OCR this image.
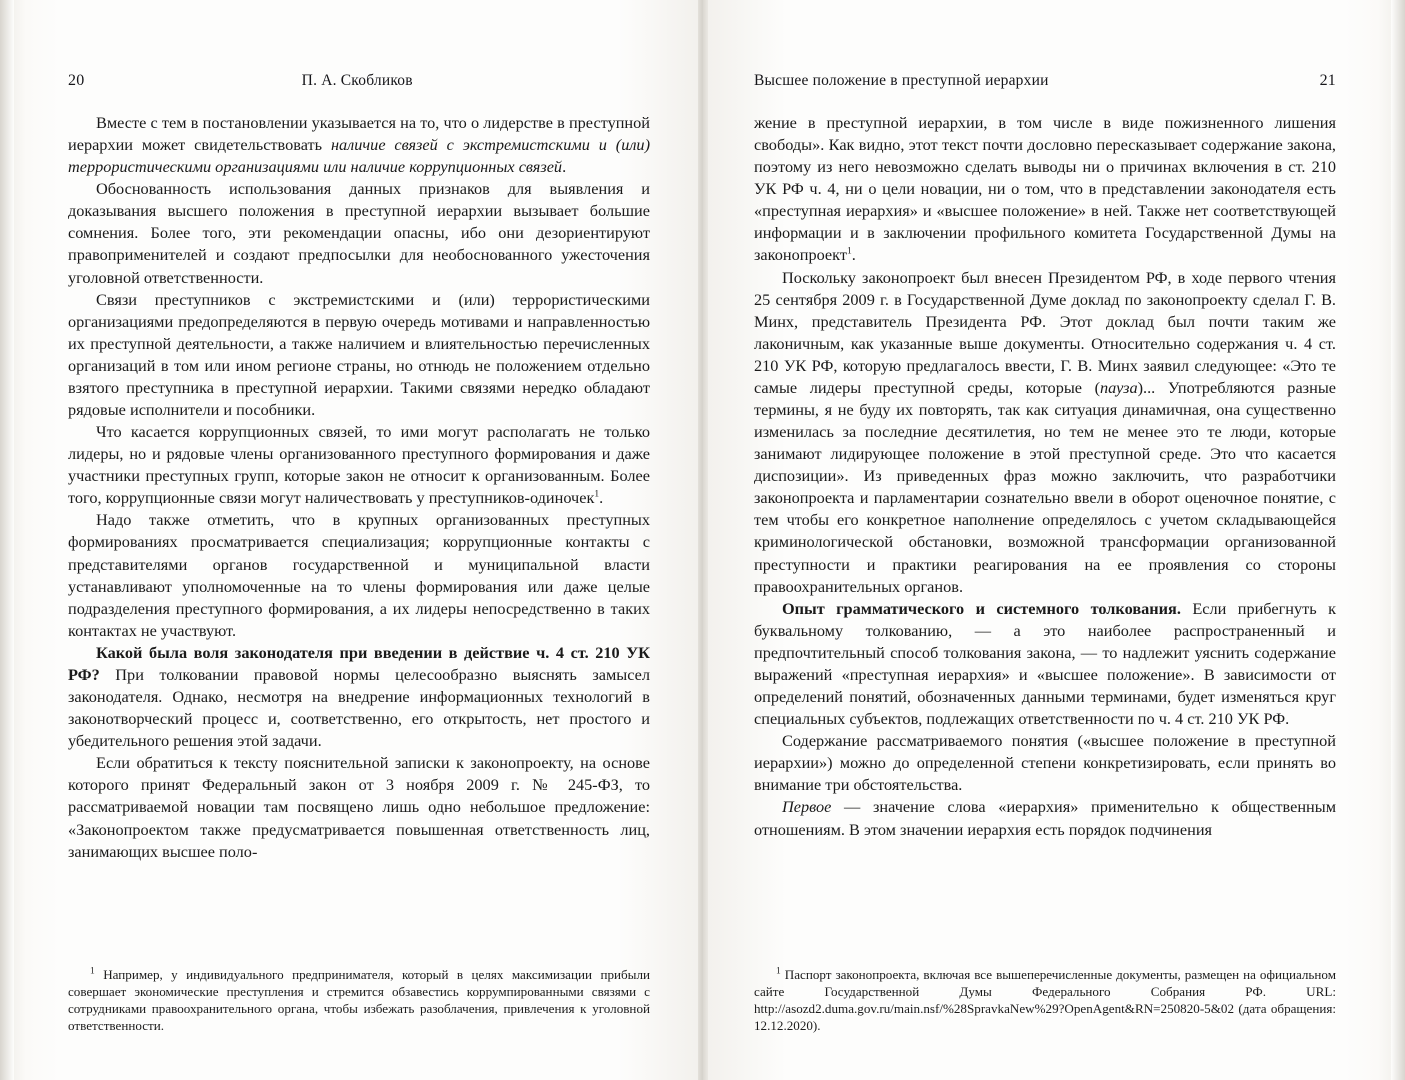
20	П. А. Скобликов

Вместе с тем в постановлении указывается на то, что о лидерстве в преступной иерархии может свидетельствовать наличие связей с экстремистскими и (или) террористическими организациями или наличие коррупционных связей.

Обоснованность использования данных признаков для выявления и доказывания высшего положения в преступной иерархии вызывает большие сомнения. Более того, эти рекомендации опасны, ибо они дезориентируют правоприменителей и создают предпосылки для необоснованного ужесточения уголовной ответственности.

Связи преступников с экстремистскими и (или) террористическими организациями предопределяются в первую очередь мотивами и направленностью их преступной деятельности, а также наличием и влиятельностью перечисленных организаций в том или ином регионе страны, но отнюдь не положением отдельно взятого преступника в преступной иерархии. Такими связями нередко обладают рядовые исполнители и пособники.

Что касается коррупционных связей, то ими могут располагать не только лидеры, но и рядовые члены организованного преступного формирования и даже участники преступных групп, которые закон не относит к организованным. Более того, коррупционные связи могут наличествовать у преступников-одиночек$^1$.

Надо также отметить, что в крупных организованных преступных формированиях просматривается специализация; коррупционные контакты с представителями органов государственной и муниципальной власти устанавливают уполномоченные на то члены формирования или даже целые подразделения преступного формирования, а их лидеры непосредственно в таких контактах не участвуют.

Какой была воля законодателя при введении в действие ч. 4 ст. 210 УК РФ? При толковании правовой нормы целесообразно выяснять замысел законодателя. Однако, несмотря на внедрение информационных технологий в законотворческий процесс и, соответственно, его открытость, нет простого и убедительного решения этой задачи.

Если обратиться к тексту пояснительной записки к законопроекту, на основе которого принят Федеральный закон от 3 ноября 2009 г. № 245-ФЗ, то рассматриваемой новации там посвящено лишь одно небольшое предложение: «Законопроектом также предусматривается повышенная ответственность лиц, занимающих высшее поло-

$^1$ Например, у индивидуального предпринимателя, который в целях максимизации прибыли совершает экономические преступления и стремится обзавестись коррумпированными связями с сотрудниками правоохранительного органа, чтобы избежать разоблачения, привлечения к уголовной ответственности.

Высшее положение в преступной иерархии	21

жение в преступной иерархии, в том числе в виде пожизненного лишения свободы». Как видно, этот текст почти дословно пересказывает содержание закона, поэтому из него невозможно сделать выводы ни о причинах включения в ст. 210 УК РФ ч. 4, ни о цели новации, ни о том, что в представлении законодателя есть «преступная иерархия» и «высшее положение» в ней. Также нет соответствующей информации и в заключении профильного комитета Государственной Думы на законопроект$^1$.

Поскольку законопроект был внесен Президентом РФ, в ходе первого чтения 25 сентября 2009 г. в Государственной Думе доклад по законопроекту сделал Г. В. Минх, представитель Президента РФ. Этот доклад был почти таким же лаконичным, как указанные выше документы. Относительно содержания ч. 4 ст. 210 УК РФ, которую предлагалось ввести, Г. В. Минх заявил следующее: «Это те самые лидеры преступной среды, которые (пауза)... Употребляются разные термины, я не буду их повторять, так как ситуация динамичная, она существенно изменилась за последние десятилетия, но тем не менее это те люди, которые занимают лидирующее положение в этой преступной среде. Это что касается диспозиции». Из приведенных фраз можно заключить, что разработчики законопроекта и парламентарии сознательно ввели в оборот оценочное понятие, с тем чтобы его конкретное наполнение определялось с учетом складывающейся криминологической обстановки, возможной трансформации организованной преступности и практики реагирования на ее проявления со стороны правоохранительных органов.

Опыт грамматического и системного толкования. Если прибегнуть к буквальному толкованию, — а это наиболее распространенный и предпочтительный способ толкования закона, — то надлежит уяснить содержание выражений «преступная иерархия» и «высшее положение». В зависимости от определений понятий, обозначенных данными терминами, будет изменяться круг специальных субъектов, подлежащих ответственности по ч. 4 ст. 210 УК РФ.

Содержание рассматриваемого понятия («высшее положение в преступной иерархии») можно до определенной степени конкретизировать, если принять во внимание три обстоятельства.

Первое — значение слова «иерархия» применительно к общественным отношениям. В этом значении иерархия есть порядок подчинения

$^1$ Паспорт законопроекта, включая все вышеперечисленные документы, размещен на официальном сайте Государственной Думы Федерального Собрания РФ. URL: http://asozd2.duma.gov.ru/main.nsf/%28SpravkaNew%29?OpenAgent&RN=250820-5&02 (дата обращения: 12.12.2020).
